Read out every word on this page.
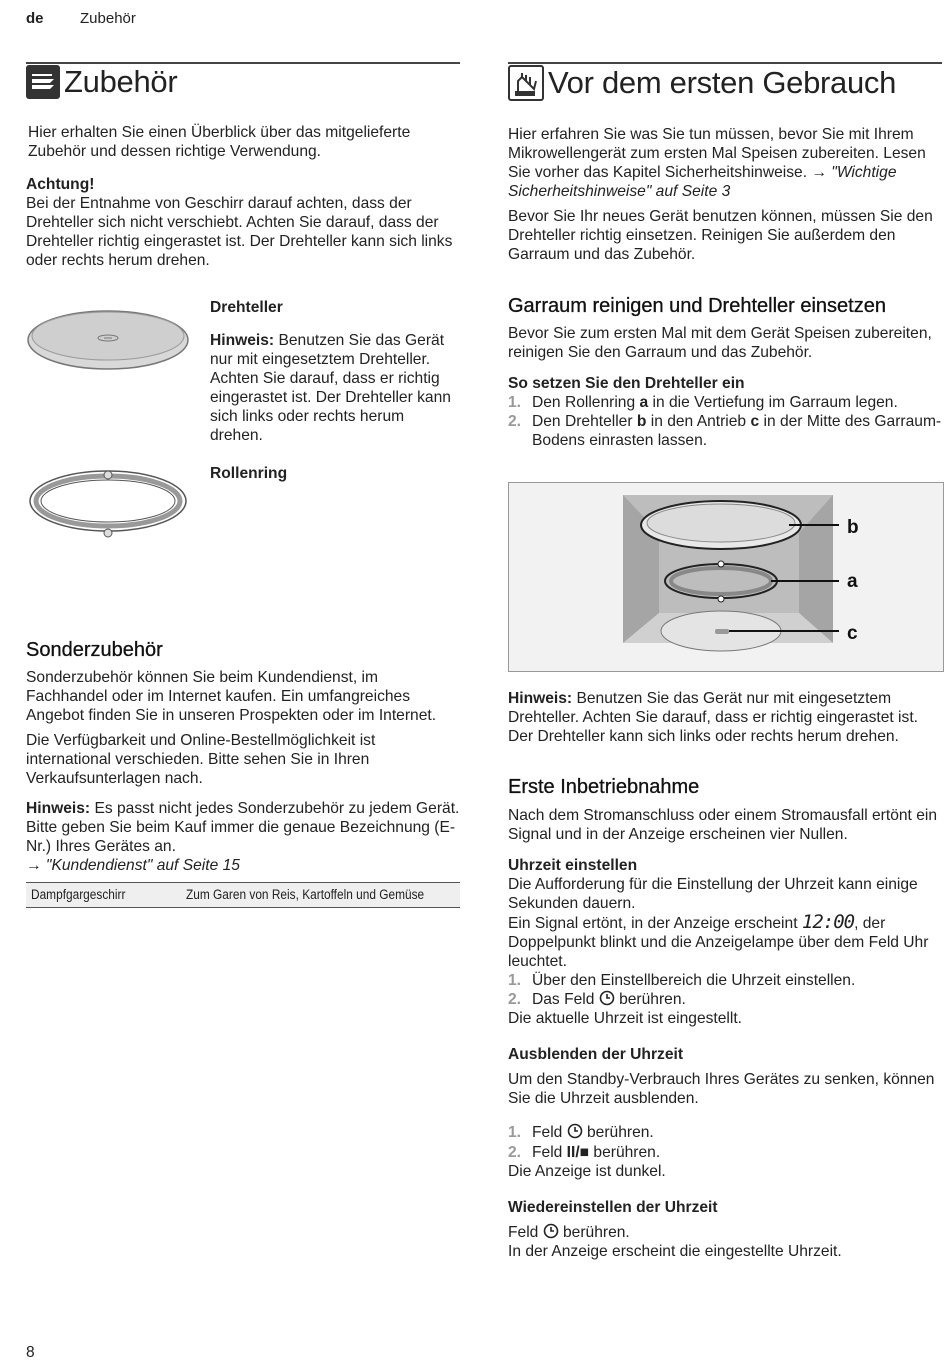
de Zubehör
Zubehör

Hier erhalten Sie einen Überblick über das mitgelieferte Zubehör und dessen richtige Verwendung.

Achtung!

Bei der Entnahme von Geschirr darauf achten, dass der Drehteller sich nicht verschiebt. Achten Sie darauf, dass der Drehteller richtig eingerastet ist. Der Drehteller kann sich links oder rechts herum drehen.

Drehteller

Hinweis: Benutzen Sie das Gerät nur mit eingesetztem Drehteller. Achten Sie darauf, dass er richtig eingerastet ist. Der Drehteller kann sich links oder rechts herum drehen.

Rollenring

Sonderzubehör

Sonderzubehör können Sie beim Kundendienst, im Fachhandel oder im Internet kaufen. Ein umfangreiches Angebot finden Sie in unseren Prospekten oder im Internet.

Die Verfügbarkeit und Online-Bestellmöglichkeit ist international verschieden. Bitte sehen Sie in Ihren Verkaufsunterlagen nach.

Hinweis: Es passt nicht jedes Sonderzubehör zu jedem Gerät. Bitte geben Sie beim Kauf immer die genaue Bezeichnung (E-Nr.) Ihres Gerätes an.

→ "Kundendienst" auf Seite 15

Dampfgargeschirr	Zum Garen von Reis, Kartoffeln und Gemüse
Vor dem ersten Gebrauch

Hier erfahren Sie was Sie tun müssen, bevor Sie mit Ihrem Mikrowellengerät zum ersten Mal Speisen zubereiten. Lesen Sie vorher das Kapitel Sicherheitshinweise. → "Wichtige Sicherheitshinweise" auf Seite 3

Bevor Sie Ihr neues Gerät benutzen können, müssen Sie den Drehteller richtig einsetzen. Reinigen Sie außerdem den Garraum und das Zubehör.

Garraum reinigen und Drehteller einsetzen

Bevor Sie zum ersten Mal mit dem Gerät Speisen zubereiten, reinigen Sie den Garraum und das Zubehör.

So setzen Sie den Drehteller ein

1. Den Rollenring a in die Vertiefung im Garraum legen.
2. Den Drehteller b in den Antrieb c in der Mitte des Garraum-Bodens einrasten lassen.
b
a
c

Hinweis: Benutzen Sie das Gerät nur mit eingesetztem Drehteller. Achten Sie darauf, dass er richtig eingerastet ist. Der Drehteller kann sich links oder rechts herum drehen.

Erste Inbetriebnahme

Nach dem Stromanschluss oder einem Stromausfall ertönt ein Signal und in der Anzeige erscheinen vier Nullen.

Uhrzeit einstellen

Die Aufforderung für die Einstellung der Uhrzeit kann einige Sekunden dauern.

Ein Signal ertönt, in der Anzeige erscheint 12:00, der Doppelpunkt blinkt und die Anzeigelampe über dem Feld Uhr leuchtet.

1. Über den Einstellbereich die Uhrzeit einstellen.
2. Das Feld  berühren.

Die aktuelle Uhrzeit ist eingestellt.

Ausblenden der Uhrzeit

Um den Standby-Verbrauch Ihres Gerätes zu senken, können Sie die Uhrzeit ausblenden.

1. Feld  berühren.
2. Feld II/■ berühren.

Die Anzeige ist dunkel.

Wiedereinstellen der Uhrzeit

Feld  berühren.

In der Anzeige erscheint die eingestellte Uhrzeit.

8
